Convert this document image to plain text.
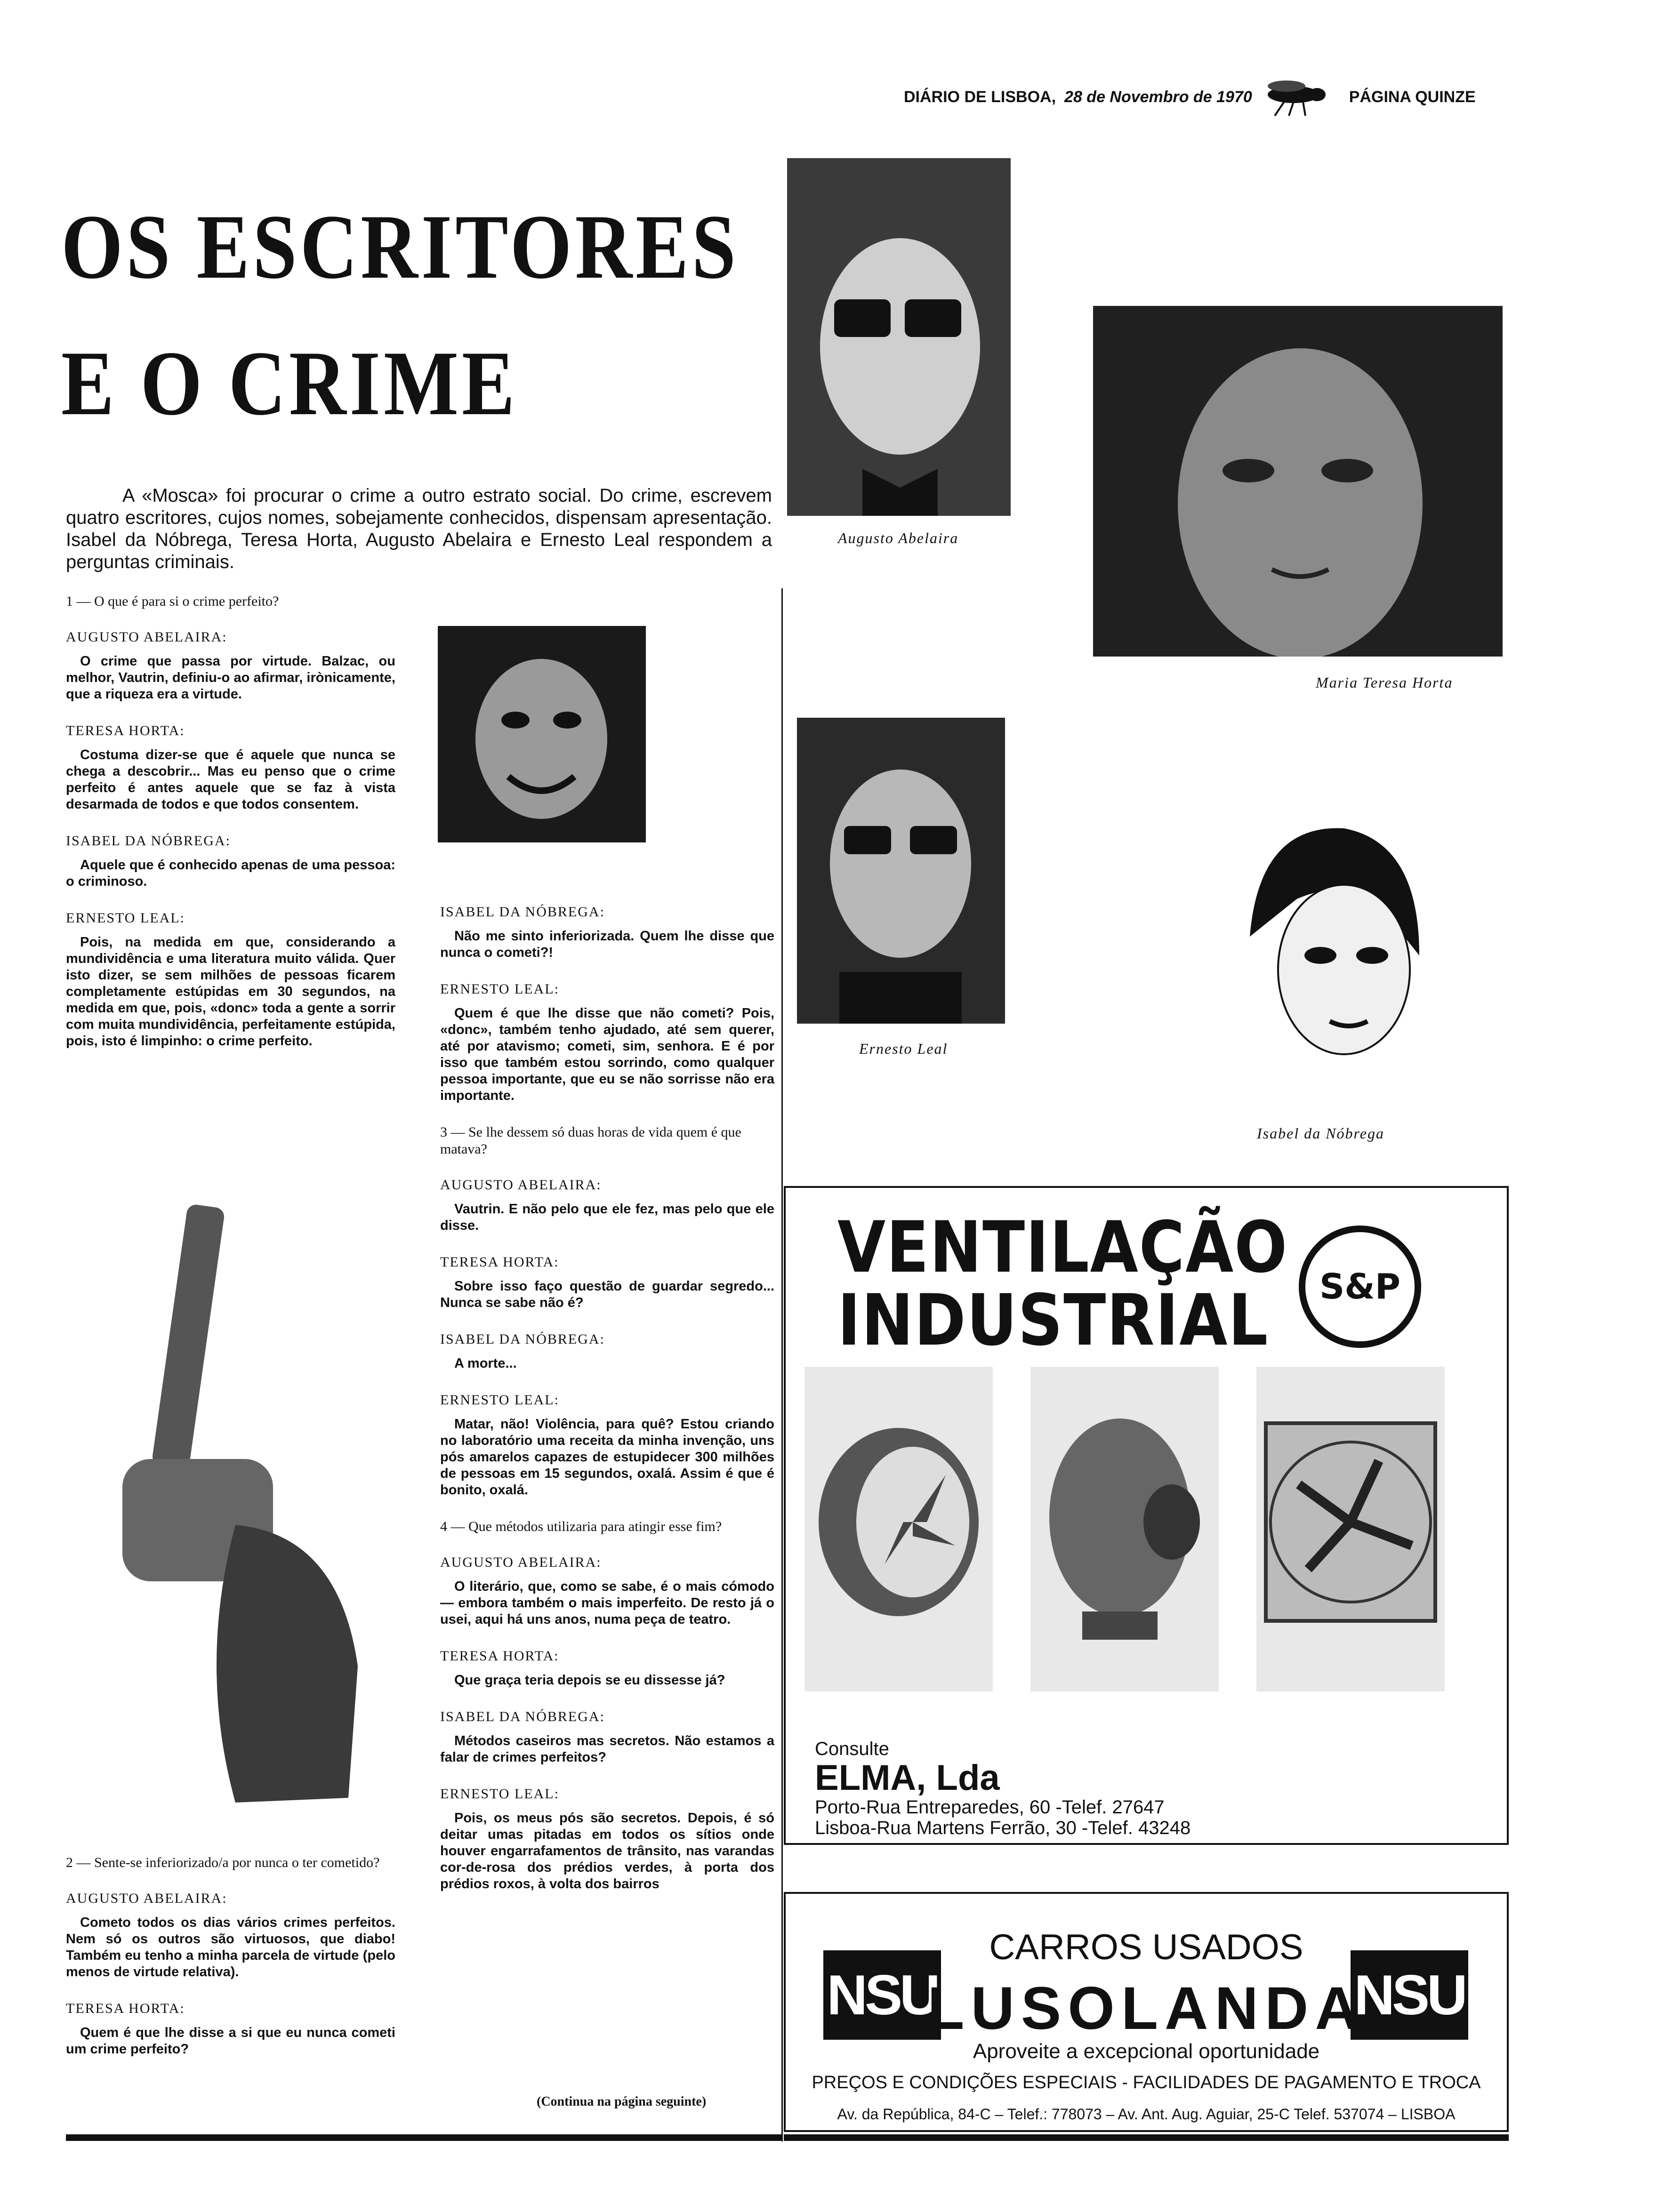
DIÁRIO DE LISBOA, 28 de Novembro de 1970	PÁGINA QUINZE
OS ESCRITORES
E O CRIME
A «Mosca» foi procurar o crime a outro estrato social. Do crime, escrevem quatro escritores, cujos nomes, sobejamente conhecidos, dispensam apresentação. Isabel da Nóbrega, Teresa Horta, Augusto Abelaira e Ernesto Leal respondem a perguntas criminais.
Augusto Abelaira
Maria Teresa Horta
Ernesto Leal
Isabel da Nóbrega

1 — O que é para si o crime perfeito?

AUGUSTO ABELAIRA:

O crime que passa por virtude. Balzac, ou melhor, Vautrin, definiu-o ao afirmar, irònicamente, que a riqueza era a virtude.

TERESA HORTA:

Costuma dizer-se que é aquele que nunca se chega a descobrir... Mas eu penso que o crime perfeito é antes aquele que se faz à vista desarmada de todos e que todos consentem.

ISABEL DA NÓBREGA:

Aquele que é conhecido apenas de uma pessoa: o criminoso.

ERNESTO LEAL:

Pois, na medida em que, considerando a mundividência e uma literatura muito válida. Quer isto dizer, se sem milhões de pessoas ficarem completamente estúpidas em 30 segundos, na medida em que, pois, «donc» toda a gente a sorrir com muita mundividência, perfeitamente estúpida, pois, isto é limpinho: o crime perfeito.

2 — Sente-se inferiorizado/a por nunca o ter cometido?

AUGUSTO ABELAIRA:

Cometo todos os dias vários crimes perfeitos. Nem só os outros são virtuosos, que diabo! Também eu tenho a minha parcela de virtude (pelo menos de virtude relativa).

TERESA HORTA:

Quem é que lhe disse a si que eu nunca cometi um crime perfeito?

ISABEL DA NÓBREGA:

Não me sinto inferiorizada. Quem lhe disse que nunca o cometi?!

ERNESTO LEAL:

Quem é que lhe disse que não cometi? Pois, «donc», também tenho ajudado, até sem querer, até por atavismo; cometi, sim, senhora. E é por isso que também estou sorrindo, como qualquer pessoa importante, que eu se não sorrisse não era importante.

3 — Se lhe dessem só duas horas de vida quem é que matava?

AUGUSTO ABELAIRA:

Vautrin. E não pelo que ele fez, mas pelo que ele disse.

TERESA HORTA:

Sobre isso faço questão de guardar segredo... Nunca se sabe não é?

ISABEL DA NÓBREGA:

A morte...

ERNESTO LEAL:

Matar, não! Violência, para quê? Estou criando no laboratório uma receita da minha invenção, uns pós amarelos capazes de estupidecer 300 milhões de pessoas em 15 segundos, oxalá. Assim é que é bonito, oxalá.

4 — Que métodos utilizaria para atingir esse fim?

AUGUSTO ABELAIRA:

O literário, que, como se sabe, é o mais cómodo — embora também o mais imperfeito. De resto já o usei, aqui há uns anos, numa peça de teatro.

TERESA HORTA:

Que graça teria depois se eu dissesse já?

ISABEL DA NÓBREGA:

Métodos caseiros mas secretos. Não estamos a falar de crimes perfeitos?

ERNESTO LEAL:

Pois, os meus pós são secretos. Depois, é só deitar umas pitadas em todos os sítios onde houver engarrafamentos de trânsito, nas varandas cor-de-rosa dos prédios verdes, à porta dos prédios roxos, à volta dos bairros

(Continua na página seguinte)
VENTILAÇÃO
INDUSTRIAL	S&P
Consulte
ELMA, Lda
Porto-Rua Entreparedes, 60 -Telef. 27647
Lisboa-Rua Martens Ferrão, 30 -Telef. 43248
NSU	NSU
CARROS USADOS
LUSOLANDA
Aproveite a excepcional oportunidade
PREÇOS E CONDIÇÕES ESPECIAIS - FACILIDADES DE PAGAMENTO E TROCA
Av. da República, 84-C – Telef.: 778073 – Av. Ant. Aug. Aguiar, 25-C Telef. 537074 – LISBOA
